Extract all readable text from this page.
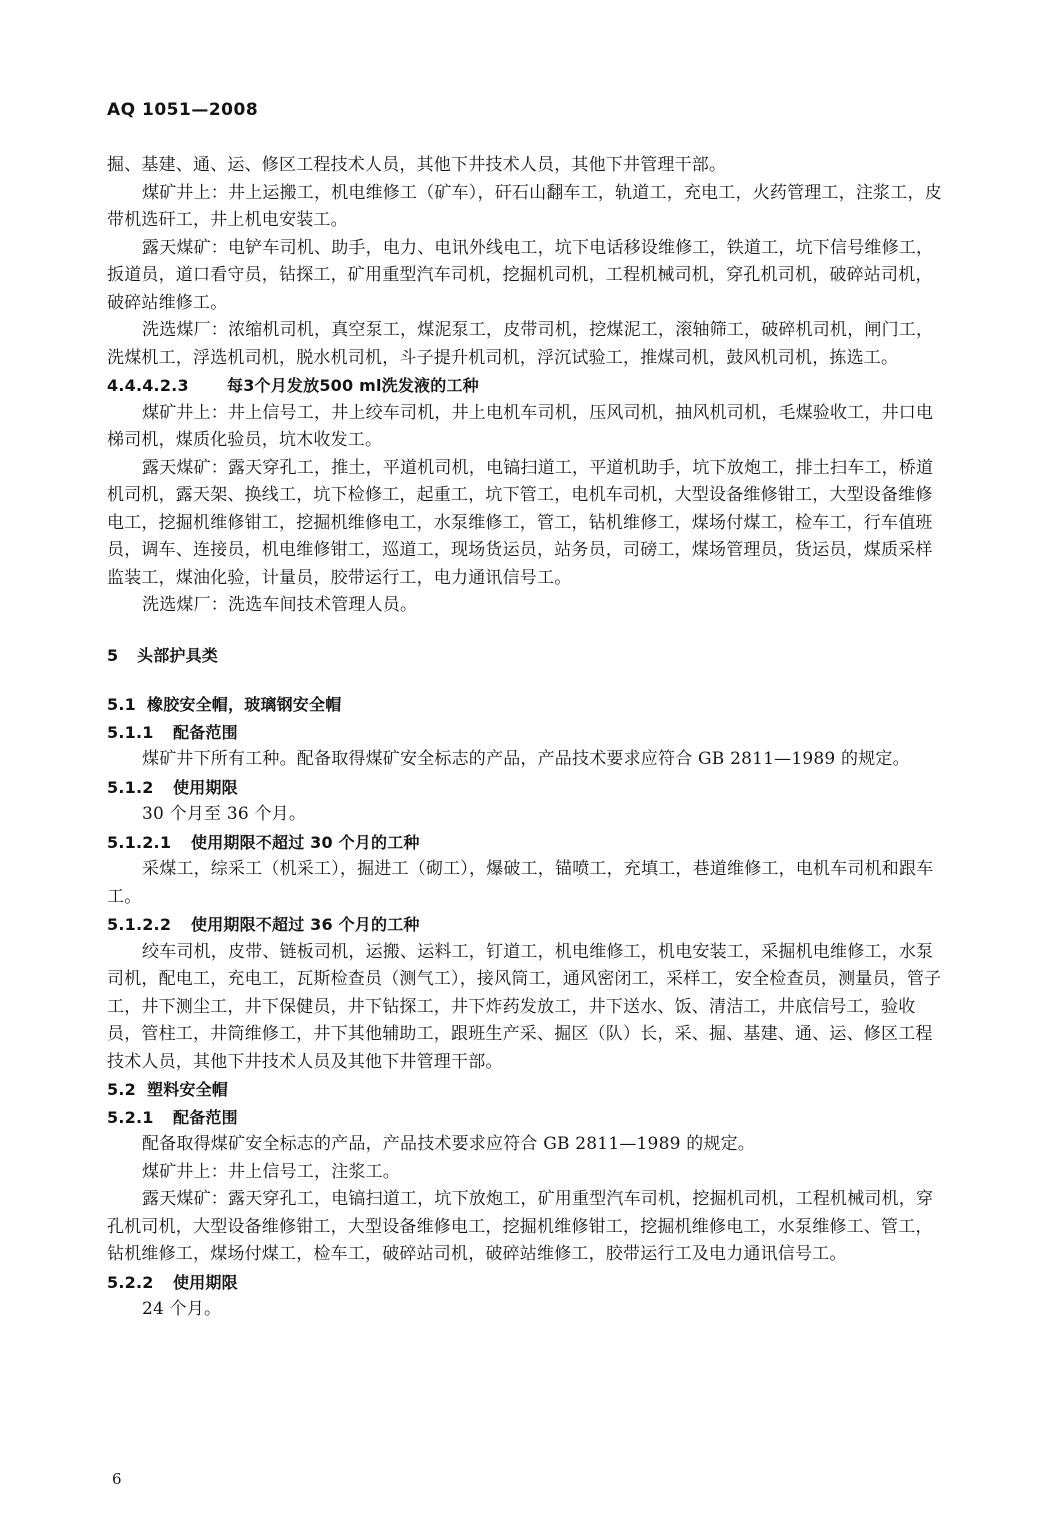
AQ 1051—2008

掘、基建、通、运、修区工程技术人员，其他下井技术人员，其他下井管理干部。

煤矿井上：井上运搬工，机电维修工（矿车），矸石山翻车工，轨道工，充电工，火药管理工，注浆工，皮带机选矸工，井上机电安装工。

露天煤矿：电铲车司机、助手，电力、电讯外线电工，坑下电话移设维修工，铁道工，坑下信号维修工，扳道员，道口看守员，钻探工，矿用重型汽车司机，挖掘机司机，工程机械司机，穿孔机司机，破碎站司机，破碎站维修工。

洗选煤厂：浓缩机司机，真空泵工，煤泥泵工，皮带司机，挖煤泥工，滚轴筛工，破碎机司机，闸门工，洗煤机工，浮选机司机，脱水机司机，斗子提升机司机，浮沉试验工，推煤司机，鼓风机司机，拣选工。

4.4.4.2.3 每3个月发放500 ml洗发液的工种

煤矿井上：井上信号工，井上绞车司机，井上电机车司机，压风司机，抽风机司机，毛煤验收工，井口电梯司机，煤质化验员，坑木收发工。

露天煤矿：露天穿孔工，推土，平道机司机，电镐扫道工，平道机助手，坑下放炮工，排土扫车工，桥道机司机，露天架、换线工，坑下检修工，起重工，坑下管工，电机车司机，大型设备维修钳工，大型设备维修电工，挖掘机维修钳工，挖掘机维修电工，水泵维修工，管工，钻机维修工，煤场付煤工，检车工，行车值班员，调车、连接员，机电维修钳工，巡道工，现场货运员，站务员，司磅工，煤场管理员，货运员，煤质采样监装工，煤油化验，计量员，胶带运行工，电力通讯信号工。

洗选煤厂：洗选车间技术管理人员。

5 头部护具类

5.1 橡胶安全帽，玻璃钢安全帽

5.1.1 配备范围

煤矿井下所有工种。配备取得煤矿安全标志的产品，产品技术要求应符合 GB 2811—1989 的规定。

5.1.2 使用期限

30 个月至 36 个月。

5.1.2.1 使用期限不超过 30 个月的工种

采煤工，综采工（机采工），掘进工（砌工），爆破工，锚喷工，充填工，巷道维修工，电机车司机和跟车工。

5.1.2.2 使用期限不超过 36 个月的工种

绞车司机，皮带、链板司机，运搬、运料工，钉道工，机电维修工，机电安装工，采掘机电维修工，水泵司机，配电工，充电工，瓦斯检查员（测气工），接风筒工，通风密闭工，采样工，安全检查员，测量员，管子工，井下测尘工，井下保健员，井下钻探工，井下炸药发放工，井下送水、饭、清洁工，井底信号工，验收员，管柱工，井筒维修工，井下其他辅助工，跟班生产采、掘区（队）长，采、掘、基建、通、运、修区工程技术人员，其他下井技术人员及其他下井管理干部。

5.2 塑料安全帽

5.2.1 配备范围

配备取得煤矿安全标志的产品，产品技术要求应符合 GB 2811—1989 的规定。

煤矿井上：井上信号工，注浆工。

露天煤矿：露天穿孔工，电镐扫道工，坑下放炮工，矿用重型汽车司机，挖掘机司机，工程机械司机，穿孔机司机，大型设备维修钳工，大型设备维修电工，挖掘机维修钳工，挖掘机维修电工，水泵维修工、管工，钻机维修工，煤场付煤工，检车工，破碎站司机，破碎站维修工，胶带运行工及电力通讯信号工。

5.2.2 使用期限

24 个月。

6
